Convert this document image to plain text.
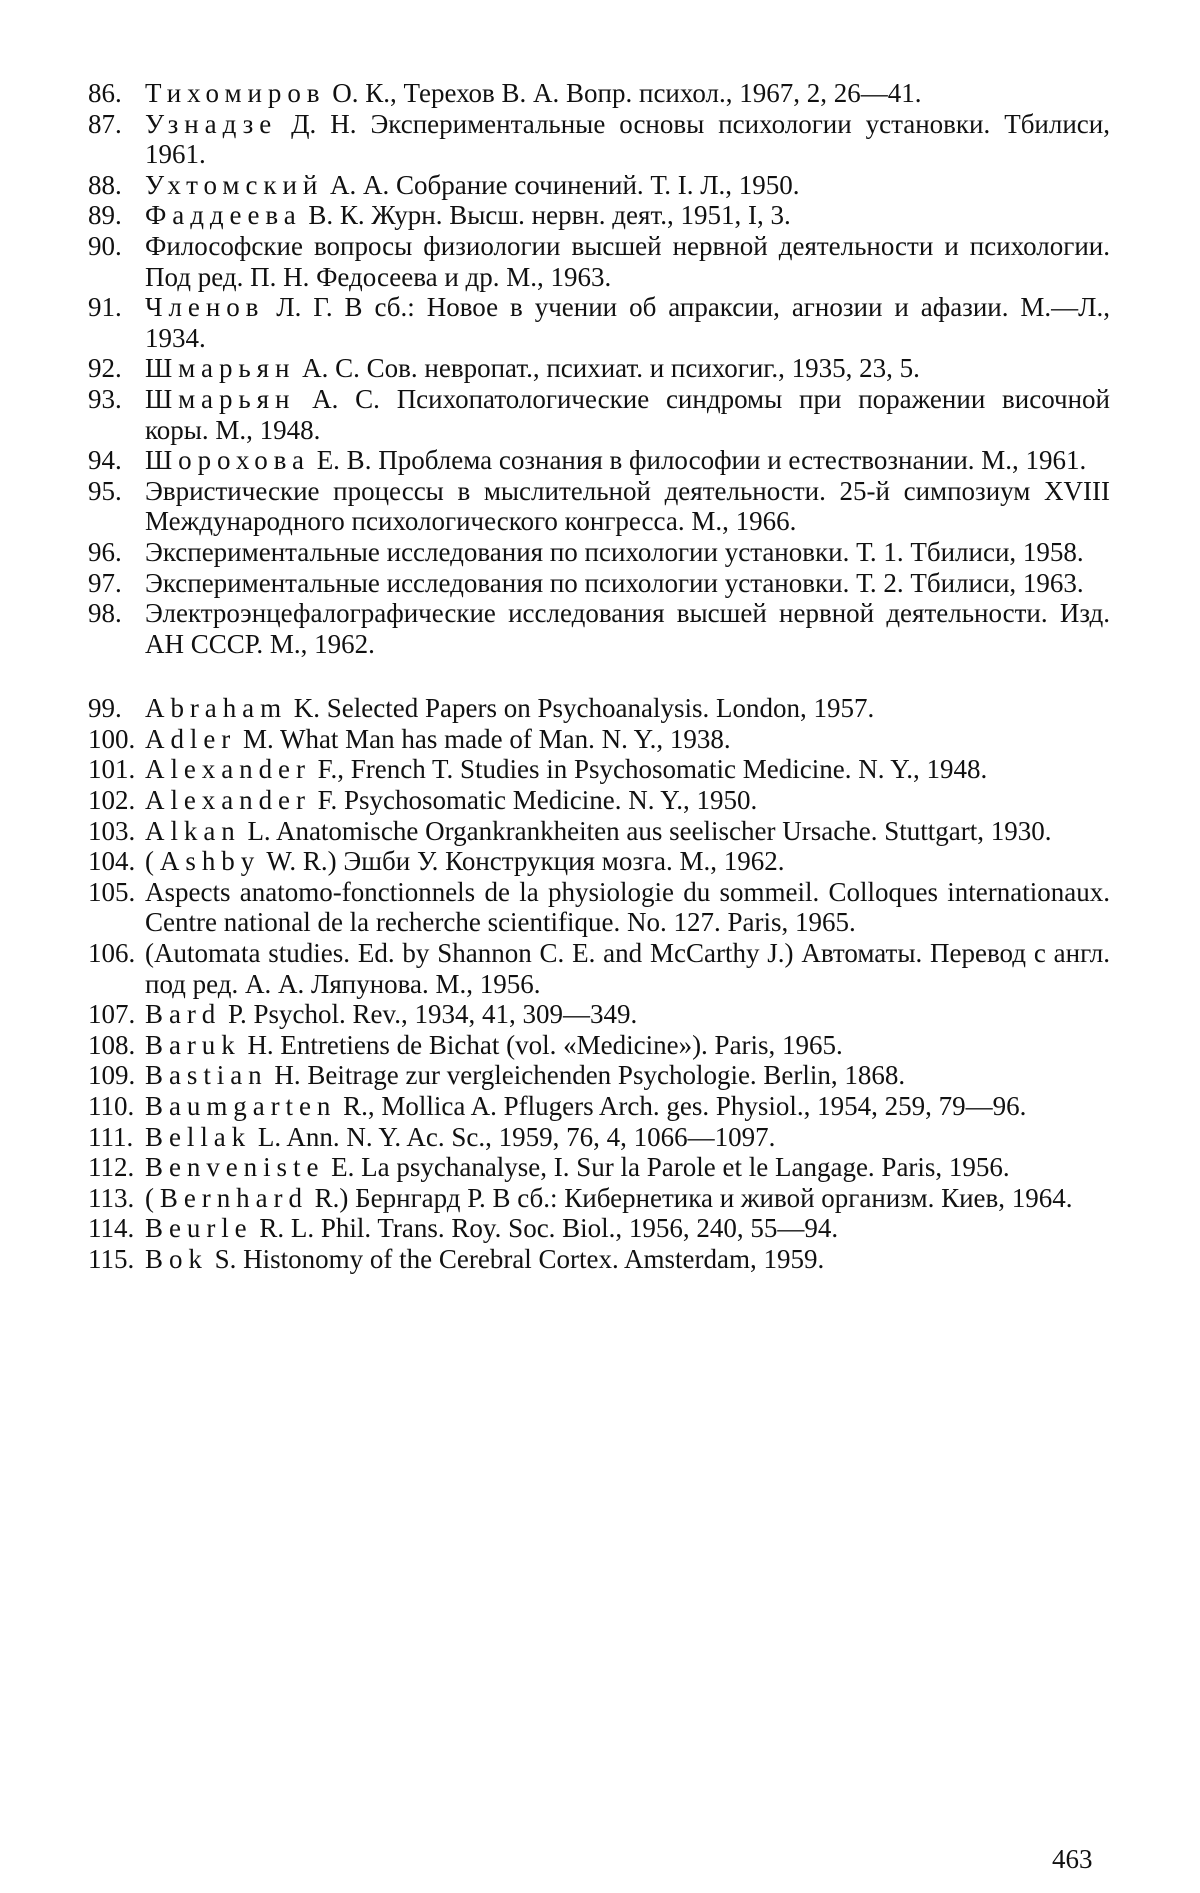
86. Тихомиров О. К., Терехов В. А. Вопр. психол., 1967, 2, 26—41.

87. Узнадзе Д. Н. Экспериментальные основы психологии установки. Тбилиси, 1961.

88. Ухтомский А. А. Собрание сочинений. Т. I. Л., 1950.

89. Фаддеева В. К. Журн. Высш. нервн. деят., 1951, I, 3.

90. Философские вопросы физиологии высшей нервной деятельности и психологии. Под ред. П. Н. Федосеева и др. М., 1963.

91. Членов Л. Г. В сб.: Новое в учении об апраксии, агнозии и афазии. М.—Л., 1934.

92. Шмарьян А. С. Сов. невропат., психиат. и психогиг., 1935, 23, 5.

93. Шмарьян А. С. Психопатологические синдромы при поражении височной коры. М., 1948.

94. Шорохова Е. В. Проблема сознания в философии и естествознании. М., 1961.

95. Эвристические процессы в мыслительной деятельности. 25-й симпозиум XVIII Международного психологического конгресса. М., 1966.

96. Экспериментальные исследования по психологии установки. Т. 1. Тбилиси, 1958.

97. Экспериментальные исследования по психологии установки. Т. 2. Тбилиси, 1963.

98. Электроэнцефалографические исследования высшей нервной деятельности. Изд. АН СССР. М., 1962.

99. Abraham K. Selected Papers on Psychoanalysis. London, 1957.

100. Adler M. What Man has made of Man. N. Y., 1938.

101. Alexander F., French T. Studies in Psychosomatic Medicine. N. Y., 1948.

102. Alexander F. Psychosomatic Medicine. N. Y., 1950.

103. Alkan L. Anatomische Organkrankheiten aus seelischer Ursache. Stuttgart, 1930.

104. (Ashby W. R.) Эшби У. Конструкция мозга. М., 1962.

105. Aspects anatomo-fonctionnels de la physiologie du sommeil. Colloques internationaux. Centre national de la recherche scientifique. No. 127. Paris, 1965.

106. (Automata studies. Ed. by Shannon C. E. and McCarthy J.) Автоматы. Перевод с англ. под ред. А. А. Ляпунова. М., 1956.

107. Bard P. Psychol. Rev., 1934, 41, 309—349.

108. Baruk H. Entretiens de Bichat (vol. «Medicine»). Paris, 1965.

109. Bastian H. Beitrage zur vergleichenden Psychologie. Berlin, 1868.

110. Baumgarten R., Mollica A. Pflugers Arch. ges. Physiol., 1954, 259, 79—96.

111. Bellak L. Ann. N. Y. Ac. Sc., 1959, 76, 4, 1066—1097.

112. Benveniste E. La psychanalyse, I. Sur la Parole et le Langage. Paris, 1956.

113. (Bernhard R.) Бернгард Р. В сб.: Кибернетика и живой организм. Киев, 1964.

114. Beurle R. L. Phil. Trans. Roy. Soc. Biol., 1956, 240, 55—94.

115. Bok S. Histonomy of the Cerebral Cortex. Amsterdam, 1959.

463
